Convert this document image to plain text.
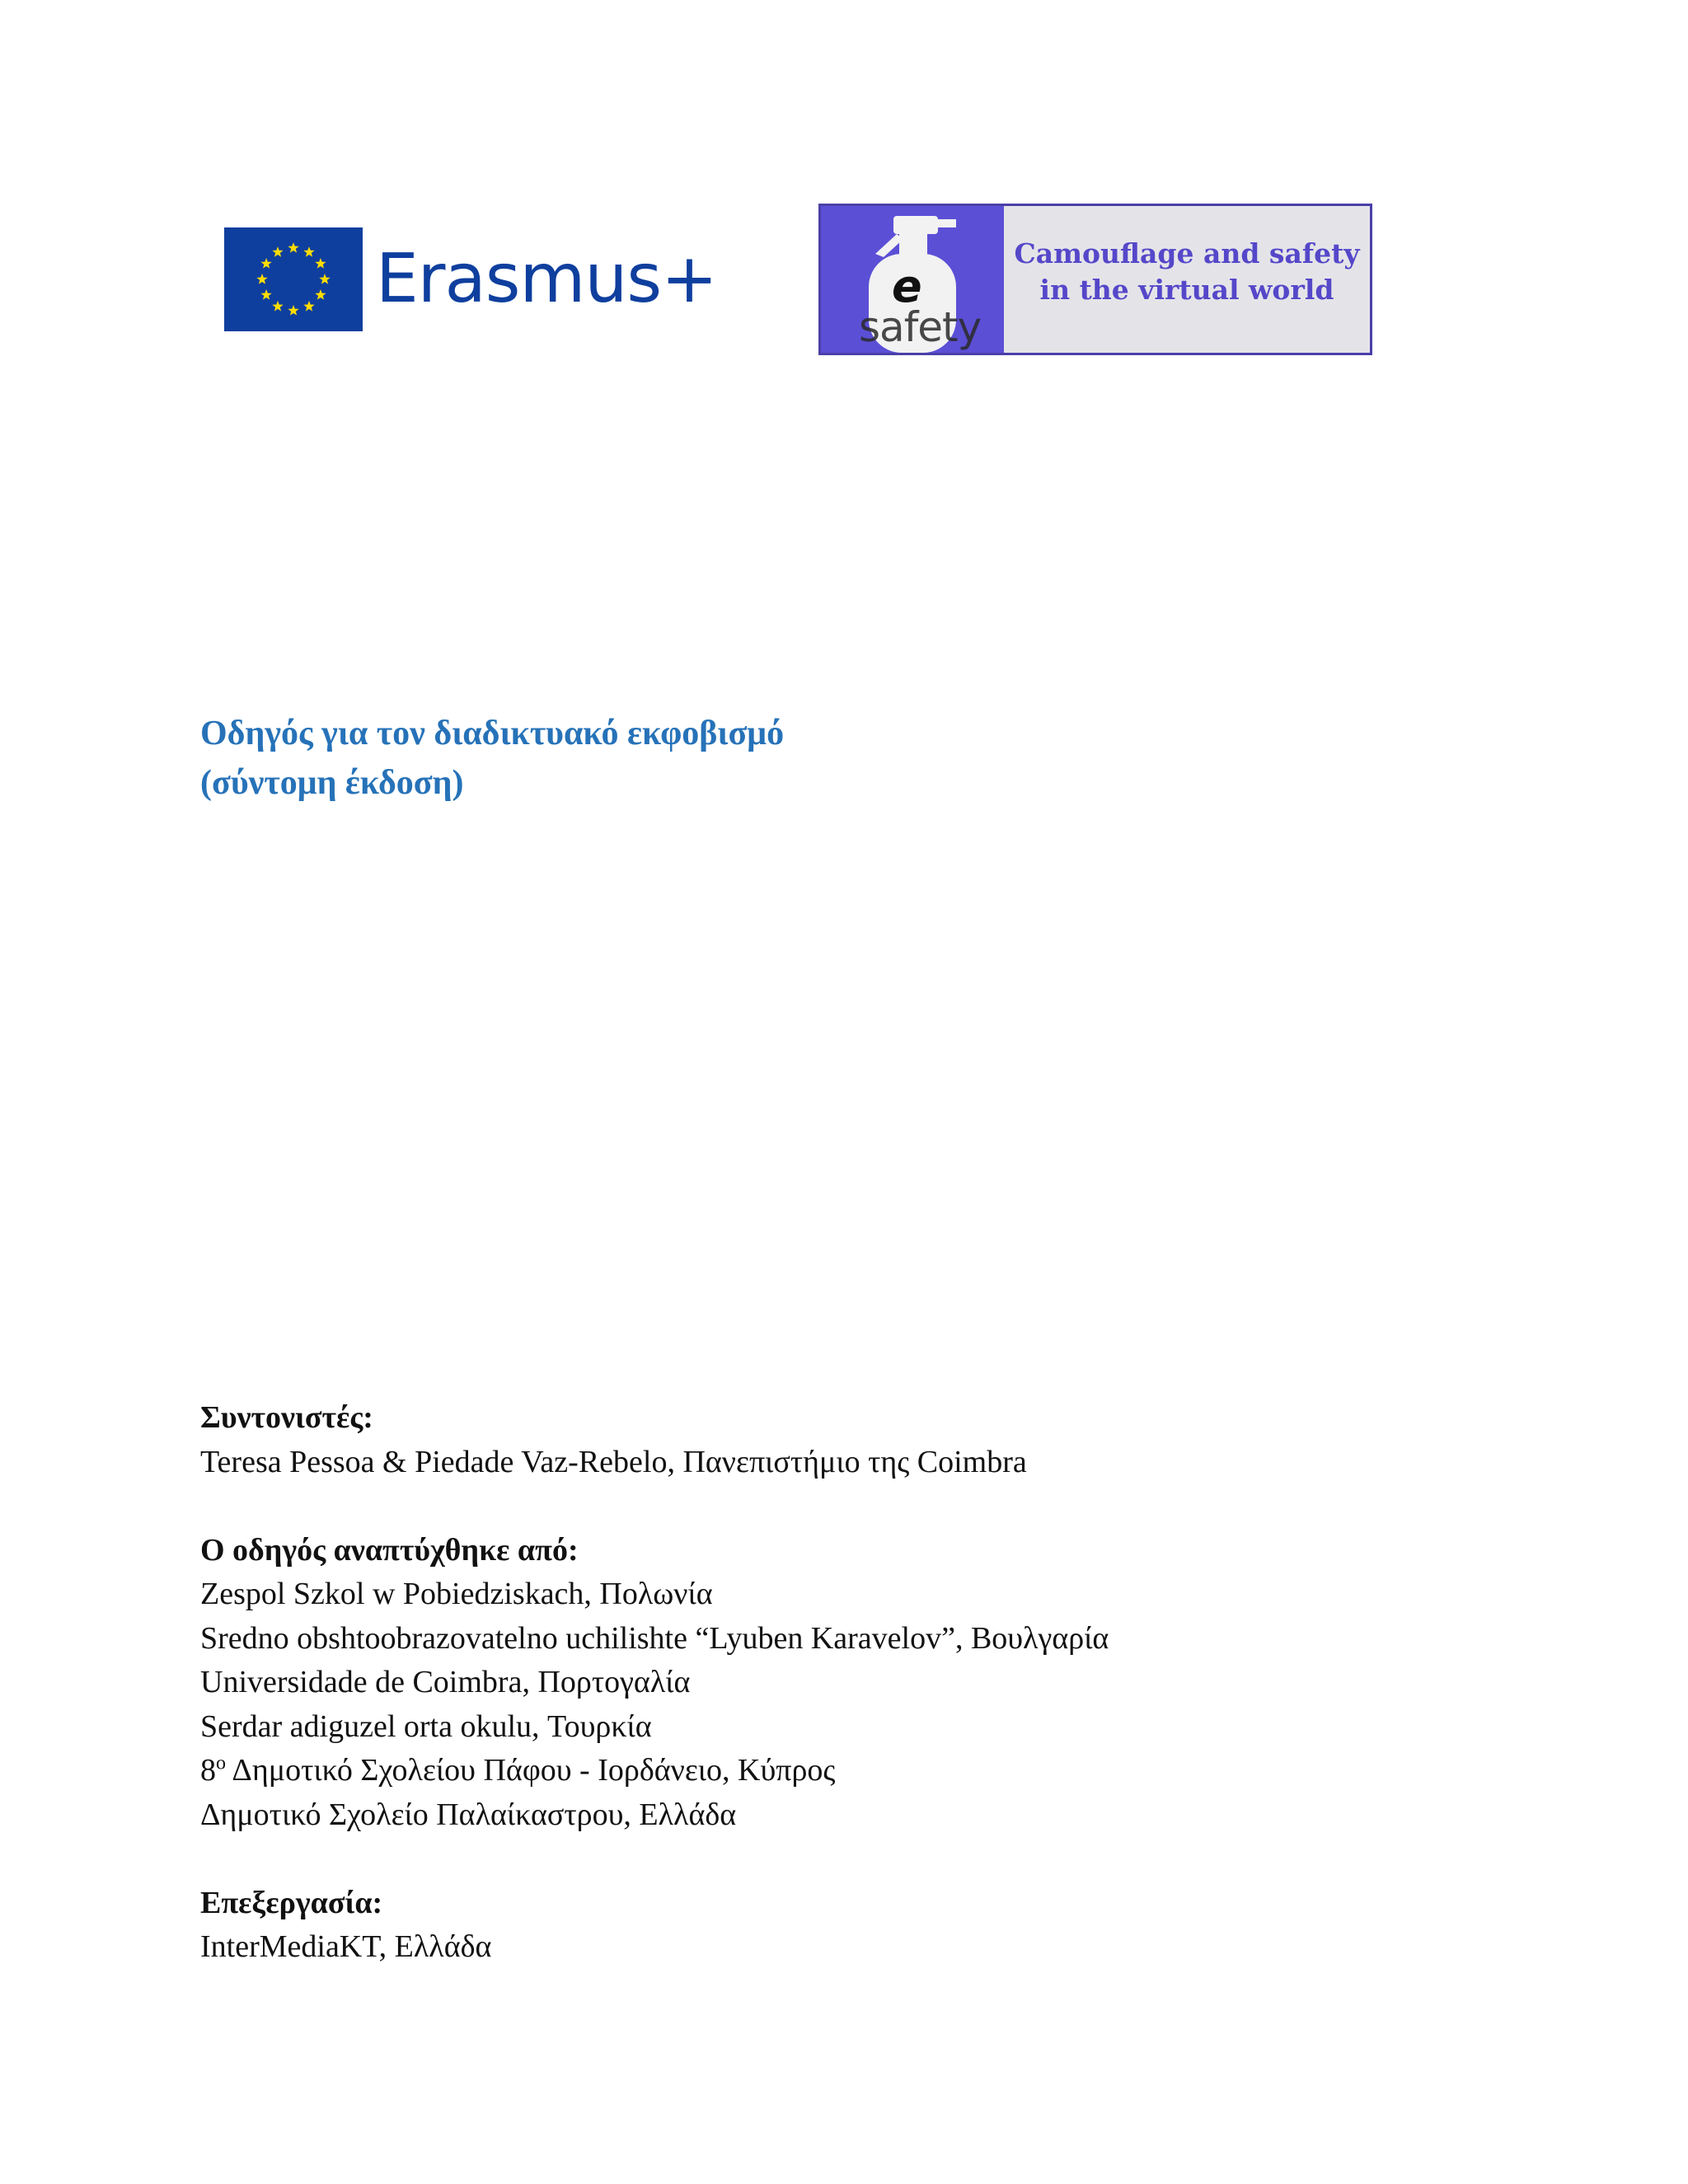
Erasmus+	e
safety
Camouflage and safety
in the virtual world
Οδηγός για τον διαδικτυακό εκφοβισμό
(σύντομη έκδοση)
Συντονιστές:
Teresa Pessoa & Piedade Vaz-Rebelo, Πανεπιστήμιο της Coimbra
Ο οδηγός αναπτύχθηκε από:
Zespol Szkol w Pobiedziskach, Πολωνία
Sredno obshtoobrazovatelno uchilishte “Lyuben Karavelov”, Βουλγαρία
Universidade de Coimbra, Πορτογαλία
Serdar adiguzel orta okulu, Τουρκία
$8^o$ Δημοτικό Σχολείου Πάφου - Ιορδάνειο, Κύπρος
Δημοτικό Σχολείο Παλαίκαστρου, Ελλάδα
Επεξεργασία:
InterMediaKT, Ελλάδα
